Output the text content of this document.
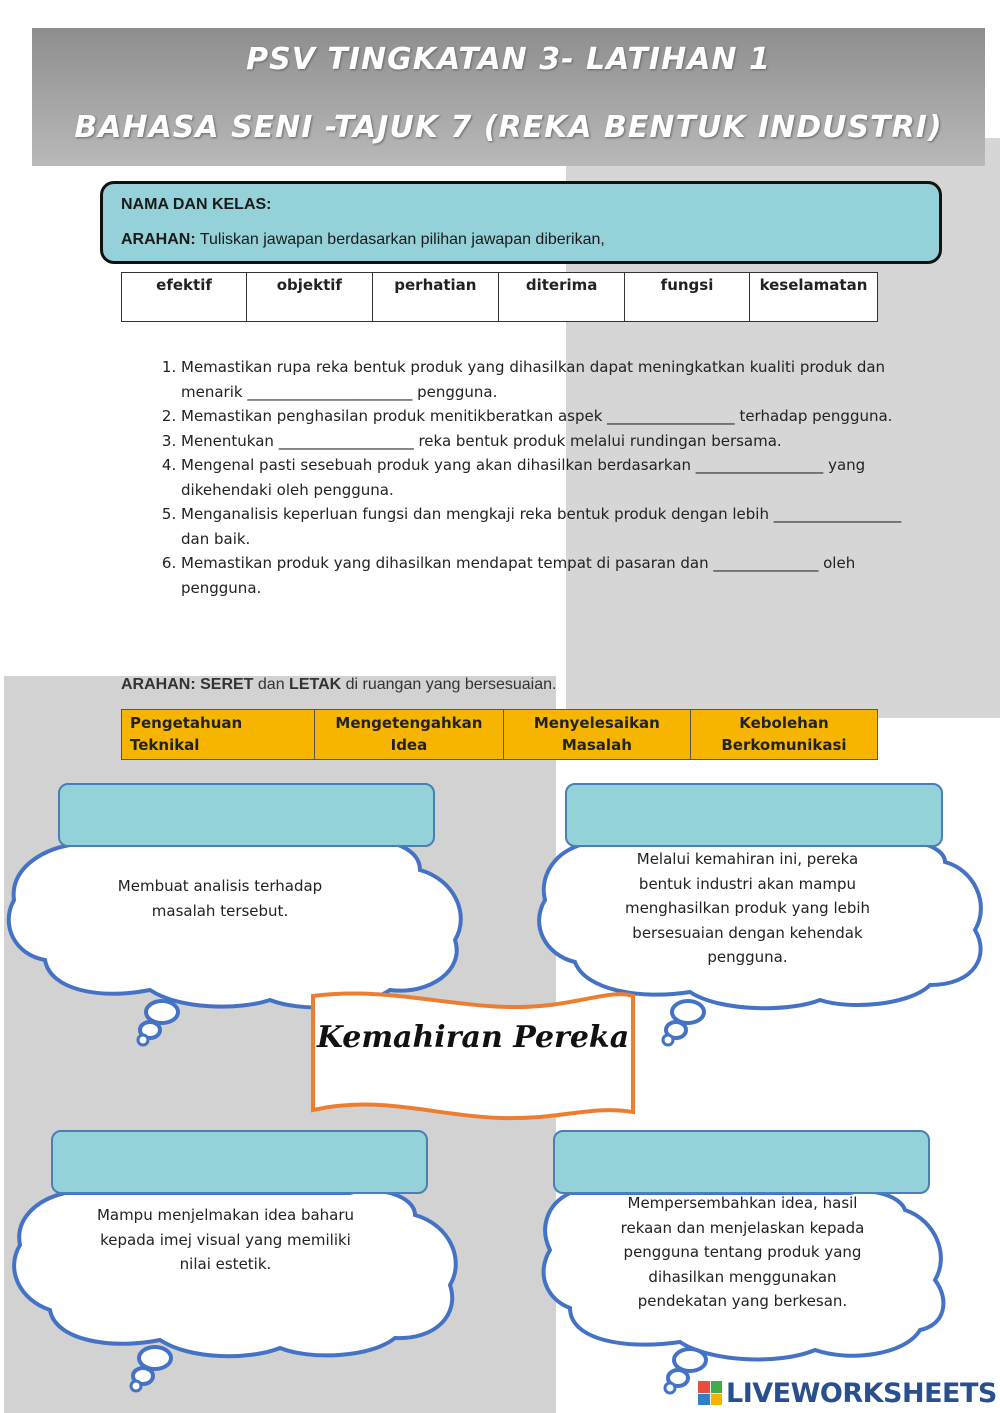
PSV TINGKATAN 3- LATIHAN 1
BAHASA SENI -TAJUK 7 (REKA BENTUK INDUSTRI)
NAMA DAN KELAS:
ARAHAN: Tuliskan jawapan berdasarkan pilihan jawapan diberikan,
efektif	objektif	perhatian	diterima	fungsi	keselamatan
1. Memastikan rupa reka bentuk produk yang dihasilkan dapat meningkatkan kualiti produk dan menarik ______________________ pengguna.
2. Memastikan penghasilan produk menitikberatkan aspek _________________ terhadap pengguna.
3. Menentukan __________________ reka bentuk produk melalui rundingan bersama.
4. Mengenal pasti sesebuah produk yang akan dihasilkan berdasarkan _________________ yang dikehendaki oleh pengguna.
5. Menganalisis keperluan fungsi dan mengkaji reka bentuk produk dengan lebih _________________ dan baik.
6. Memastikan produk yang dihasilkan mendapat tempat di pasaran dan ______________ oleh pengguna.
ARAHAN: SERET dan LETAK di ruangan yang bersesuaian.
Pengetahuan Teknikal	Mengetengahkan Idea	Menyelesaikan Masalah	Kebolehan Berkomunikasi
Membuat analisis terhadap masalah tersebut.
Melalui kemahiran ini, pereka bentuk industri akan mampu menghasilkan produk yang lebih bersesuaian dengan kehendak pengguna.
Mampu menjelmakan idea baharu kepada imej visual yang memiliki nilai estetik.
Mempersembahkan idea, hasil rekaan dan menjelaskan kepada pengguna tentang produk yang dihasilkan menggunakan pendekatan yang berkesan.
Kemahiran Pereka
LIVEWORKSHEETS
